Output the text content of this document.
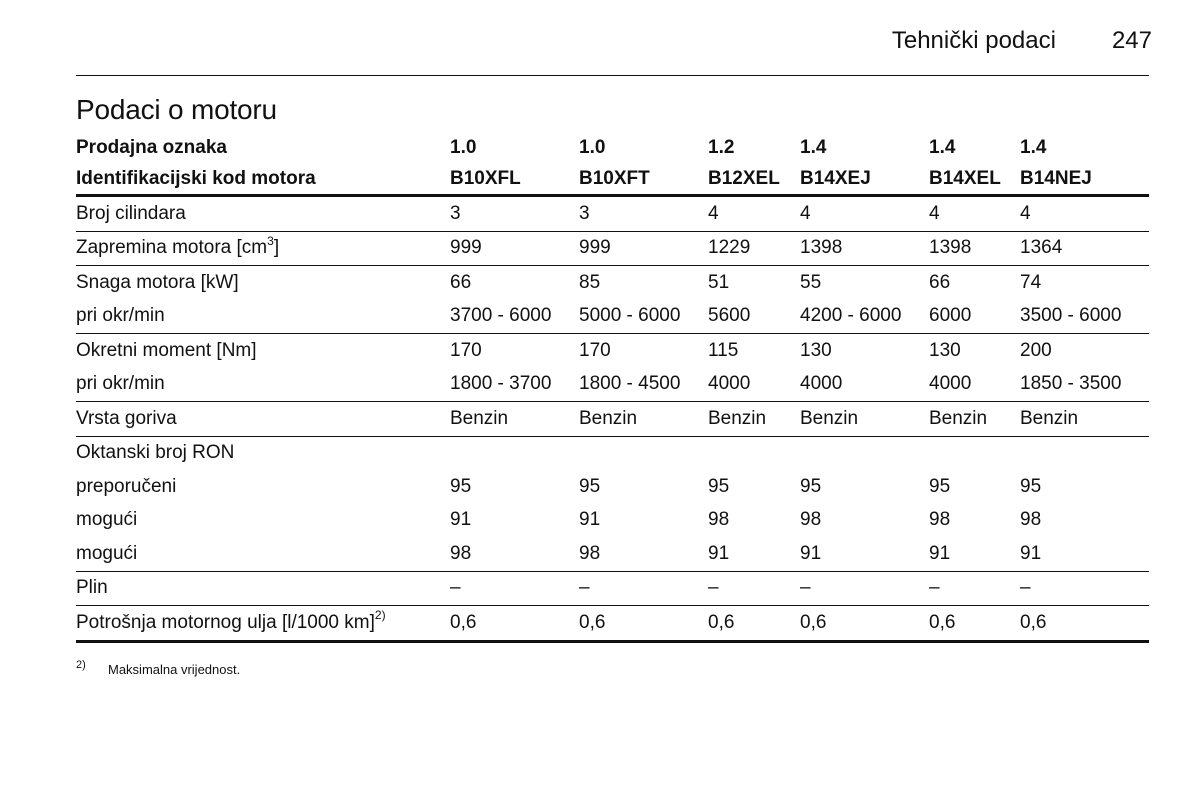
Tehnički podaci 247
Podaci o motoru
Prodajna oznaka	1.0	1.0	1.2	1.4	1.4	1.4
Identifikacijski kod motora	B10XFL	B10XFT	B12XEL	B14XEJ	B14XEL	B14NEJ
Broj cilindara	3	3	4	4	4	4
Zapremina motora $[cm^3]$	999	999	1229	1398	1398	1364
Snaga motora [kW]	66	85	51	55	66	74
pri okr/min	3700 - 6000	5000 - 6000	5600	4200 - 6000	6000	3500 - 6000
Okretni moment [Nm]	170	170	115	130	130	200
pri okr/min	1800 - 3700	1800 - 4500	4000	4000	4000	1850 - 3500
Vrsta goriva	Benzin	Benzin	Benzin	Benzin	Benzin	Benzin
Oktanski broj RON						
preporučeni	95	95	95	95	95	95
mogući	91	91	98	98	98	98
mogući	98	98	91	91	91	91
Plin	–	–	–	–	–	–
Potrošnja motornog ulja [l/1000 km]$^{2)}$	0,6	0,6	0,6	0,6	0,6	0,6
2)	Maksimalna vrijednost.
